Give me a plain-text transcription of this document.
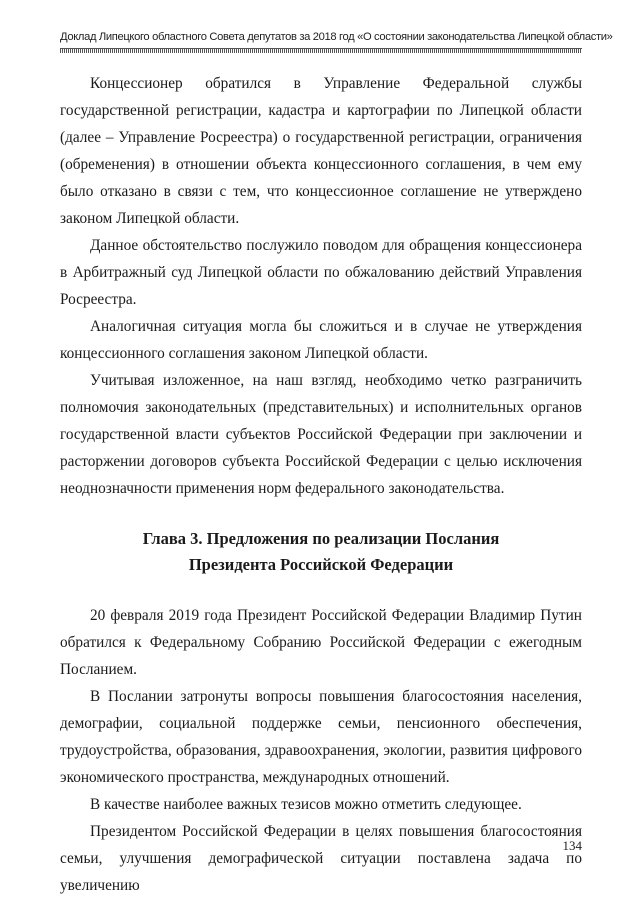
Доклад Липецкого областного Совета депутатов за 2018 год «О состоянии законодательства Липецкой области»

Концессионер обратился в Управление Федеральной службы государственной регистрации, кадастра и картографии по Липецкой области (далее – Управление Росреестра) о государственной регистрации, ограничения (обременения) в отношении объекта концессионного соглашения, в чем ему было отказано в связи с тем, что концессионное соглашение не утверждено законом Липецкой области.

Данное обстоятельство послужило поводом для обращения концессионера в Арбитражный суд Липецкой области по обжалованию действий Управления Росреестра.

Аналогичная ситуация могла бы сложиться и в случае не утверждения концессионного соглашения законом Липецкой области.

Учитывая изложенное, на наш взгляд, необходимо четко разграничить полномочия законодательных (представительных) и исполнительных органов государственной власти субъектов Российской Федерации при заключении и расторжении договоров субъекта Российской Федерации с целью исключения неоднозначности применения норм федерального законодательства.

Глава 3. Предложения по реализации Послания
Президента Российской Федерации

20 февраля 2019 года Президент Российской Федерации Владимир Путин обратился к Федеральному Собранию Российской Федерации с ежегодным Посланием.

В Послании затронуты вопросы повышения благосостояния населения, демографии, социальной поддержке семьи, пенсионного обеспечения, трудоустройства, образования, здравоохранения, экологии, развития цифрового экономического пространства, международных отношений.

В качестве наиболее важных тезисов можно отметить следующее.

Президентом Российской Федерации в целях повышения благосостояния семьи, улучшения демографической ситуации поставлена задача по увеличению

134
